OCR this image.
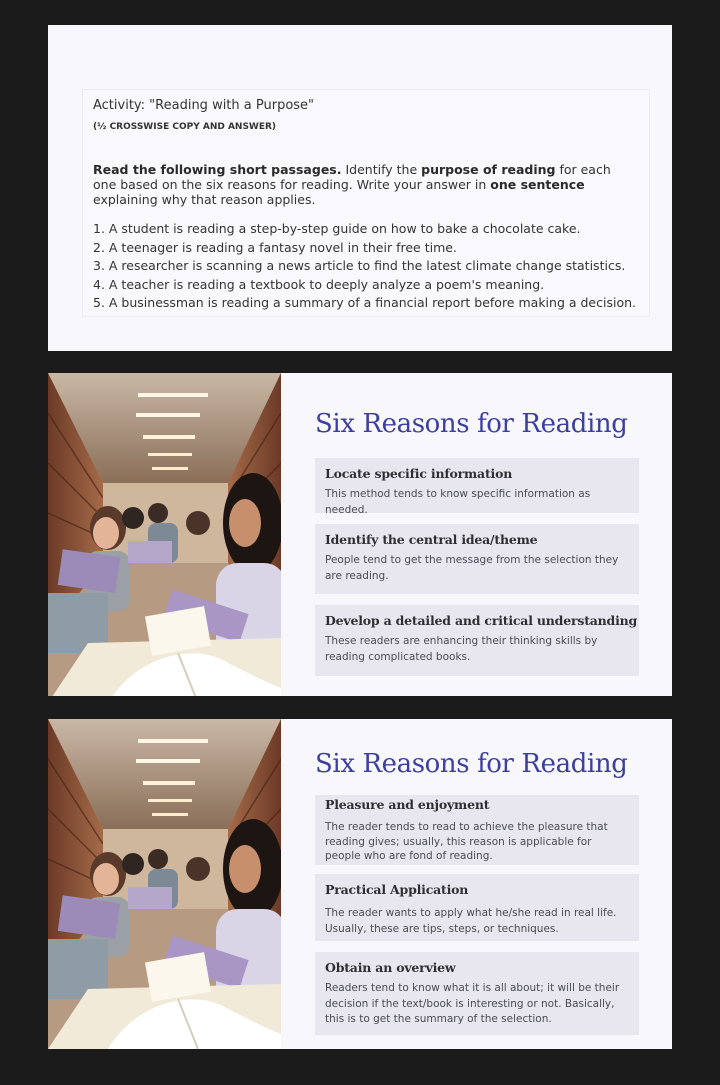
Activity: "Reading with a Purpose"
(½ CROSSWISE COPY AND ANSWER)
Read the following short passages. Identify the purpose of reading for each one based on the six reasons for reading. Write your answer in one sentence explaining why that reason applies.
1. A student is reading a step-by-step guide on how to bake a chocolate cake.
2. A teenager is reading a fantasy novel in their free time.
3. A researcher is scanning a news article to find the latest climate change statistics.
4. A teacher is reading a textbook to deeply analyze a poem's meaning.
5. A businessman is reading a summary of a financial report before making a decision.
Six Reasons for Reading
Locate specific information
This method tends to know specific information as needed.
Identify the central idea/theme
People tend to get the message from the selection they are reading.
Develop a detailed and critical understanding
These readers are enhancing their thinking skills by reading complicated books.
Six Reasons for Reading
Pleasure and enjoyment
The reader tends to read to achieve the pleasure that reading gives; usually, this reason is applicable for people who are fond of reading.
Practical Application
The reader wants to apply what he/she read in real life. Usually, these are tips, steps, or techniques.
Obtain an overview
Readers tend to know what it is all about; it will be their decision if the text/book is interesting or not. Basically, this is to get the summary of the selection.
